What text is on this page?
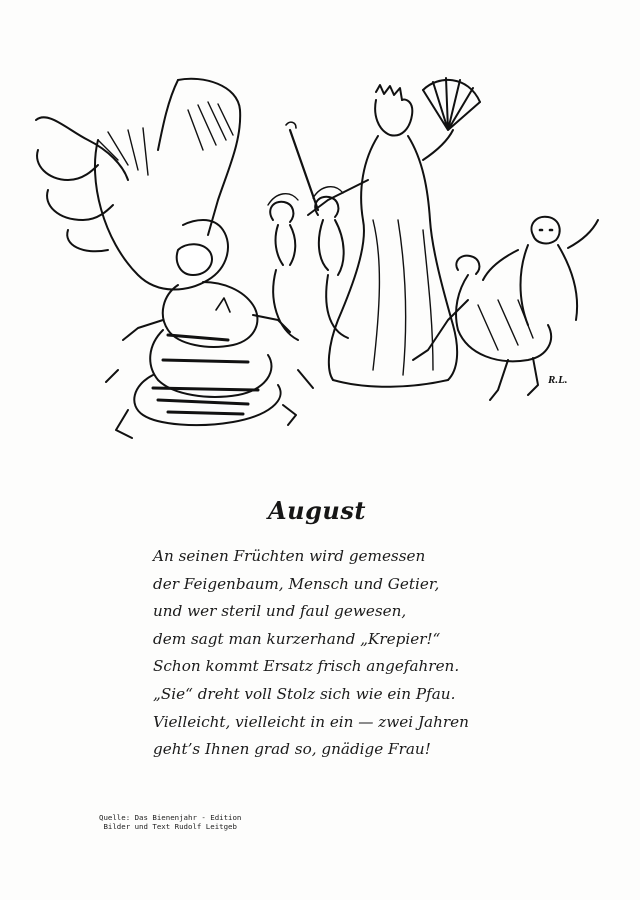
R.L.
August
An seinen Früchten wird gemessen
der Feigenbaum, Mensch und Getier,
und wer steril und faul gewesen,
dem sagt man kurzerhand „Krepier!“
Schon kommt Ersatz frisch angefahren.
„Sie“ dreht voll Stolz sich wie ein Pfau.
Vielleicht, vielleicht in ein — zwei Jahren
geht’s Ihnen grad so, gnädige Frau!
Quelle: Das Bienenjahr - Edition
Bilder und Text Rudolf Leitgeb
